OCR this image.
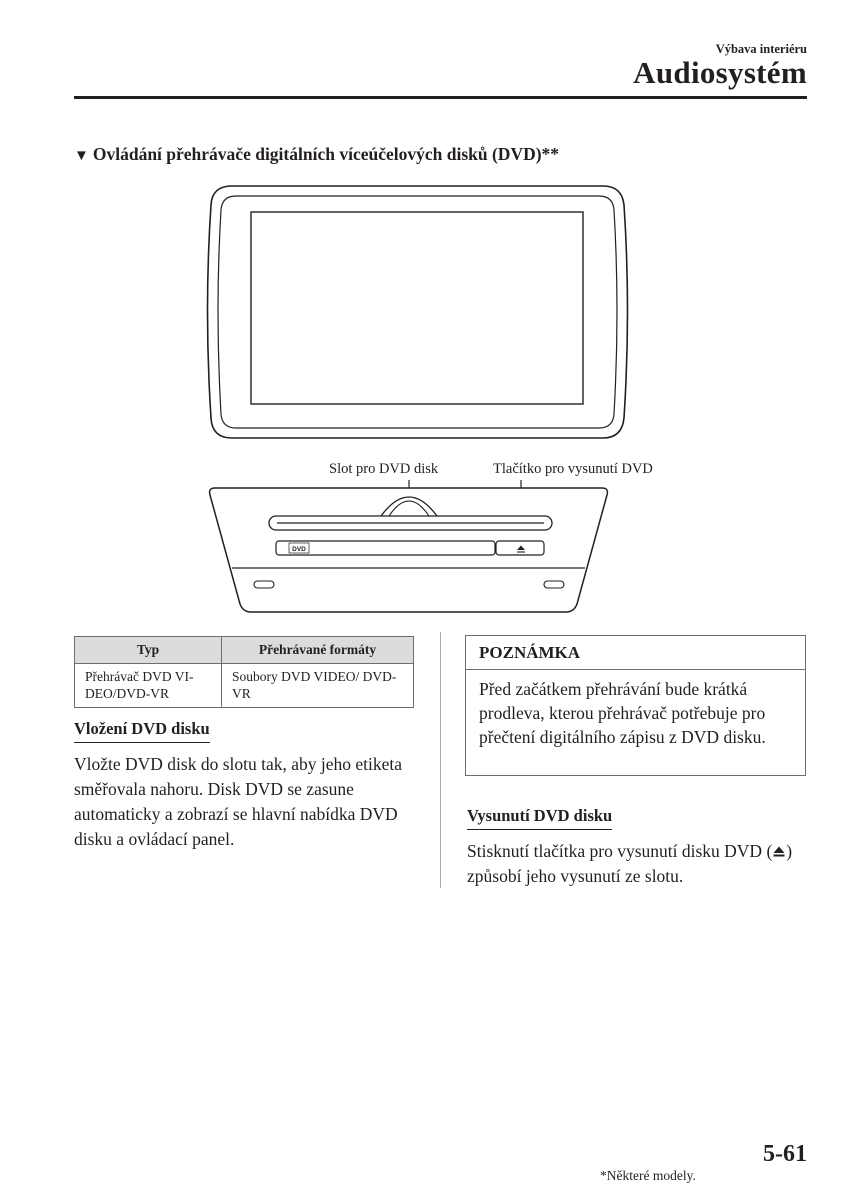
Výbava interiéru
Audiosystém
▼ Ovládání přehrávače digitálních víceúčelových disků (DVD)**
DVD
Slot pro DVD disk	Tlačítko pro vysunutí DVD
Typ	Přehrávané formáty
Přehrávač DVD VI-DEO/DVD-VR	Soubory DVD VIDEO/ DVD-VR
Vložení DVD disku
Vložte DVD disk do slotu tak, aby jeho etiketa směřovala nahoru. Disk DVD se zasune automaticky a zobrazí se hlavní nabídka DVD disku a ovládací panel.
POZNÁMKA
Před začátkem přehrávání bude krátká prodleva, kterou přehrávač potřebuje pro přečtení digitálního zápisu z DVD disku.
Vysunutí DVD disku
Stisknutí tlačítka pro vysunutí disku DVD ( ) způsobí jeho vysunutí ze slotu.
*Některé modely.
5-61
